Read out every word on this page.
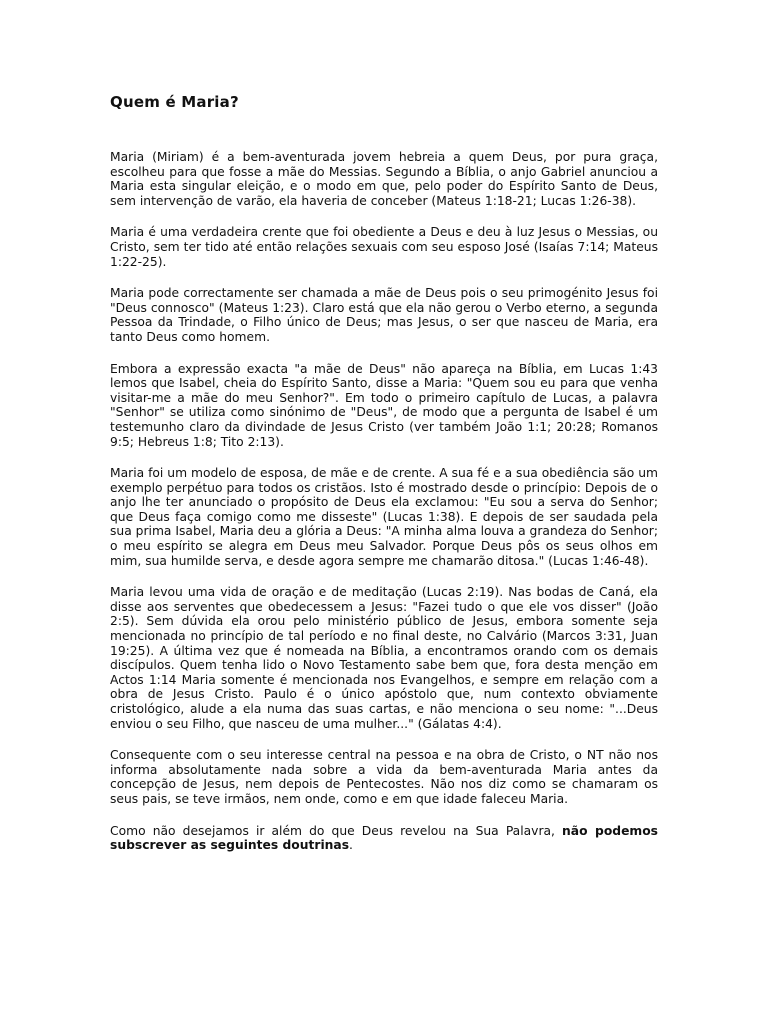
Quem é Maria?

Maria (Miriam) é a bem-aventurada jovem hebreia a quem Deus, por pura graça, escolheu para que fosse a mãe do Messias. Segundo a Bíblia, o anjo Gabriel anunciou a Maria esta singular eleição, e o modo em que, pelo poder do Espírito Santo de Deus, sem intervenção de varão, ela haveria de conceber (Mateus 1:18-21; Lucas 1:26-38).

Maria é uma verdadeira crente que foi obediente a Deus e deu à luz Jesus o Messias, ou Cristo, sem ter tido até então relações sexuais com seu esposo José (Isaías 7:14; Mateus 1:22-25).

Maria pode correctamente ser chamada a mãe de Deus pois o seu primogénito Jesus foi "Deus connosco" (Mateus 1:23). Claro está que ela não gerou o Verbo eterno, a segunda Pessoa da Trindade, o Filho único de Deus; mas Jesus, o ser que nasceu de Maria, era tanto Deus como homem.

Embora a expressão exacta "a mãe de Deus" não apareça na Bíblia, em Lucas 1:43 lemos que Isabel, cheia do Espírito Santo, disse a Maria: "Quem sou eu para que venha visitar-me a mãe do meu Senhor?". Em todo o primeiro capítulo de Lucas, a palavra "Senhor" se utiliza como sinónimo de "Deus", de modo que a pergunta de Isabel é um testemunho claro da divindade de Jesus Cristo (ver também João 1:1; 20:28; Romanos 9:5; Hebreus 1:8; Tito 2:13).

Maria foi um modelo de esposa, de mãe e de crente. A sua fé e a sua obediência são um exemplo perpétuo para todos os cristãos. Isto é mostrado desde o princípio: Depois de o anjo lhe ter anunciado o propósito de Deus ela exclamou: "Eu sou a serva do Senhor; que Deus faça comigo como me disseste" (Lucas 1:38). E depois de ser saudada pela sua prima Isabel, Maria deu a glória a Deus: "A minha alma louva a grandeza do Senhor; o meu espírito se alegra em Deus meu Salvador. Porque Deus pôs os seus olhos em mim, sua humilde serva, e desde agora sempre me chamarão ditosa." (Lucas 1:46-48).

Maria levou uma vida de oração e de meditação (Lucas 2:19). Nas bodas de Caná, ela disse aos serventes que obedecessem a Jesus: "Fazei tudo o que ele vos disser" (João 2:5). Sem dúvida ela orou pelo ministério público de Jesus, embora somente seja mencionada no princípio de tal período e no final deste, no Calvário (Marcos 3:31, Juan 19:25). A última vez que é nomeada na Bíblia, a encontramos orando com os demais discípulos. Quem tenha lido o Novo Testamento sabe bem que, fora desta menção em Actos 1:14 Maria somente é mencionada nos Evangelhos, e sempre em relação com a obra de Jesus Cristo. Paulo é o único apóstolo que, num contexto obviamente cristológico, alude a ela numa das suas cartas, e não menciona o seu nome: "...Deus enviou o seu Filho, que nasceu de uma mulher..." (Gálatas 4:4).

Consequente com o seu interesse central na pessoa e na obra de Cristo, o NT não nos informa absolutamente nada sobre a vida da bem-aventurada Maria antes da concepção de Jesus, nem depois de Pentecostes. Não nos diz como se chamaram os seus pais, se teve irmãos, nem onde, como e em que idade faleceu Maria.

Como não desejamos ir além do que Deus revelou na Sua Palavra, não podemos subscrever as seguintes doutrinas.
